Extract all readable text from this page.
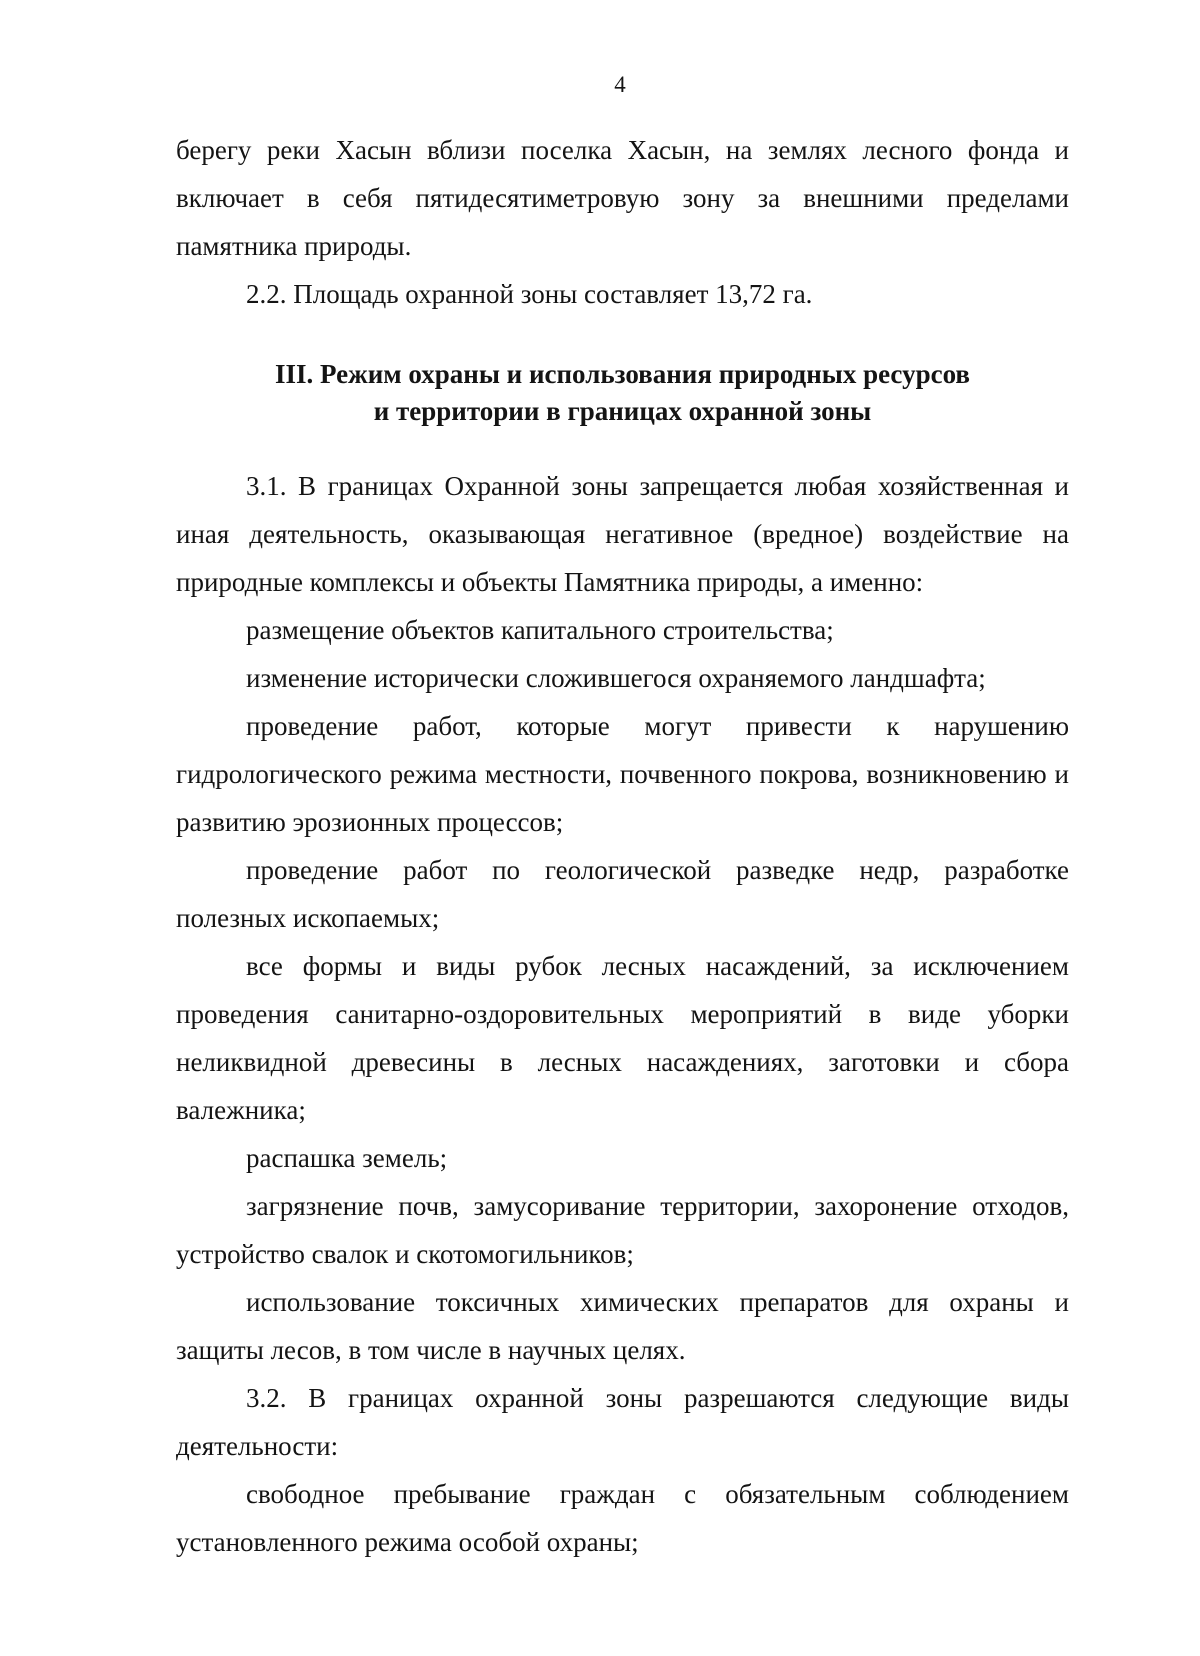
4

берегу реки Хасын вблизи поселка Хасын, на землях лесного фонда и включает в себя пятидесятиметровую зону за внешними пределами памятника природы.

2.2. Площадь охранной зоны составляет 13,72 га.

III. Режим охраны и использования природных ресурсов

и территории в границах охранной зоны

3.1. В границах Охранной зоны запрещается любая хозяйственная и иная деятельность, оказывающая негативное (вредное) воздействие на природные комплексы и объекты Памятника природы, а именно:

размещение объектов капитального строительства;

изменение исторически сложившегося охраняемого ландшафта;

проведение работ, которые могут привести к нарушению гидрологического режима местности, почвенного покрова, возникновению и развитию эрозионных процессов;

проведение работ по геологической разведке недр, разработке полезных ископаемых;

все формы и виды рубок лесных насаждений, за исключением проведения санитарно-оздоровительных мероприятий в виде уборки неликвидной древесины в лесных насаждениях, заготовки и сбора валежника;

распашка земель;

загрязнение почв, замусоривание территории, захоронение отходов, устройство свалок и скотомогильников;

использование токсичных химических препаратов для охраны и защиты лесов, в том числе в научных целях.

3.2. В границах охранной зоны разрешаются следующие виды деятельности:

свободное пребывание граждан с обязательным соблюдением установленного режима особой охраны;
